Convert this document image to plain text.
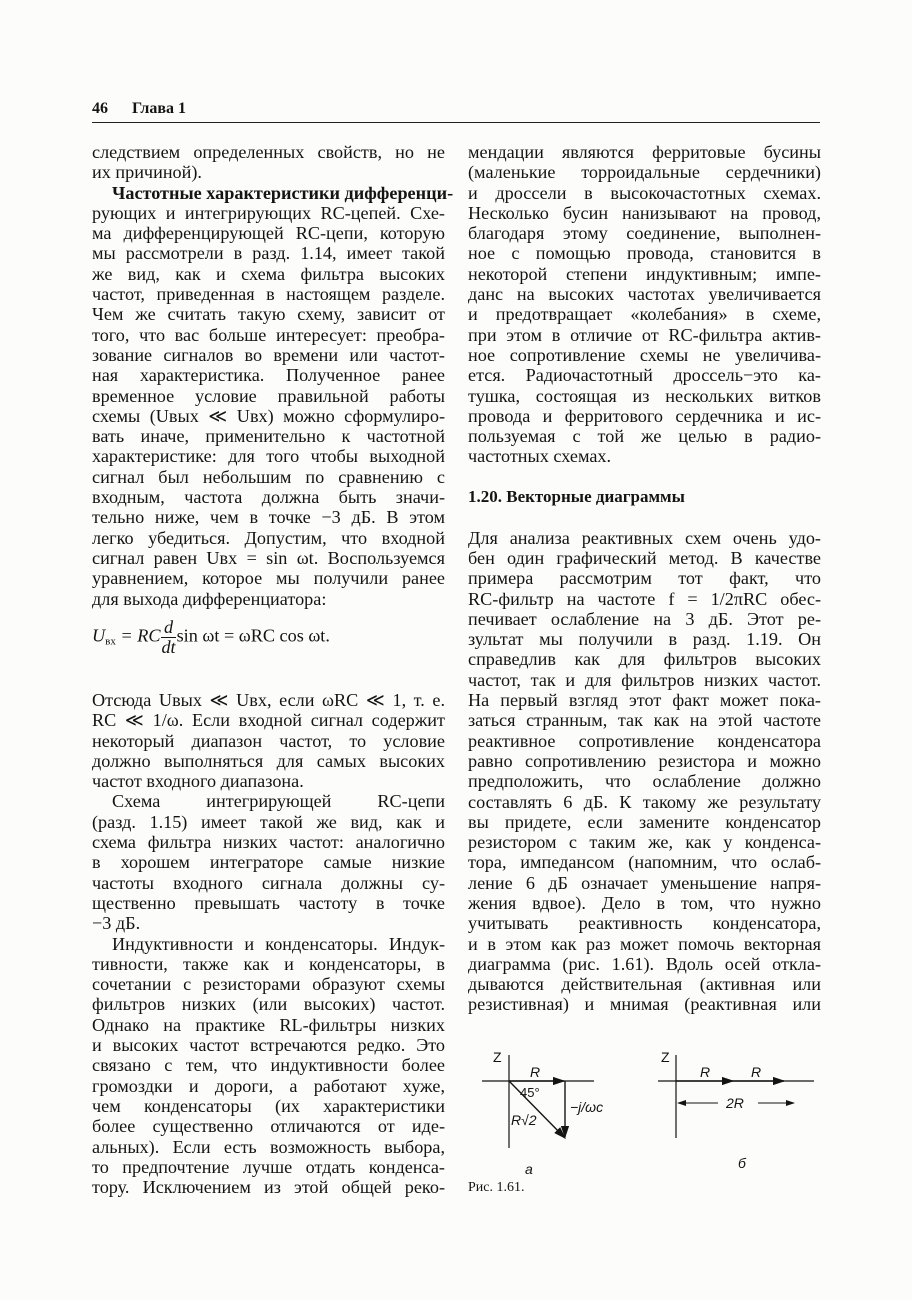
46 Глава 1
следствием определенных свойств, но не
их причиной).
Частотные характеристики дифференци-
рующих и интегрирующих RC-цепей. Схе-
ма дифференцирующей RC-цепи, которую
мы рассмотрели в разд. 1.14, имеет такой
же вид, как и схема фильтра высоких
частот, приведенная в настоящем разделе.
Чем же считать такую схему, зависит от
того, что вас больше интересует: преобра-
зование сигналов во времени или частот-
ная характеристика. Полученное ранее
временное условие правильной работы
схемы (Uвых ≪ Uвх) можно сформулиро-
вать иначе, применительно к частотной
характеристике: для того чтобы выходной
сигнал был небольшим по сравнению с
входным, частота должна быть значи-
тельно ниже, чем в точке −3 дБ. В этом
легко убедиться. Допустим, что входной
сигнал равен Uвх = sin ωt. Воспользуемся
уравнением, которое мы получили ранее
для выхода дифференциатора:
$U_{вх}$ = RC $\frac{d}{dt}$ sin ωt = ωRC cos ωt.
Отсюда Uвых ≪ Uвх, если ωRC ≪ 1, т. е.
RC ≪ 1/ω. Если входной сигнал содержит
некоторый диапазон частот, то условие
должно выполняться для самых высоких
частот входного диапазона.
Схема интегрирующей RC-цепи
(разд. 1.15) имеет такой же вид, как и
схема фильтра низких частот: аналогично
в хорошем интеграторе самые низкие
частоты входного сигнала должны су-
щественно превышать частоту в точке
−3 дБ.
Индуктивности и конденсаторы. Индук-
тивности, также как и конденсаторы, в
сочетании с резисторами образуют схемы
фильтров низких (или высоких) частот.
Однако на практике RL-фильтры низких
и высоких частот встречаются редко. Это
связано с тем, что индуктивности более
громоздки и дороги, а работают хуже,
чем конденсаторы (их характеристики
более существенно отличаются от иде-
альных). Если есть возможность выбора,
то предпочтение лучше отдать конденса-
тору. Исключением из этой общей реко-
мендации являются ферритовые бусины
(маленькие торроидальные сердечники)
и дроссели в высокочастотных схемах.
Несколько бусин нанизывают на провод,
благодаря этому соединение, выполнен-
ное с помощью провода, становится в
некоторой степени индуктивным; импе-
данс на высоких частотах увеличивается
и предотвращает «колебания» в схеме,
при этом в отличие от RC-фильтра актив-
ное сопротивление схемы не увеличива-
ется. Радиочастотный дроссель−это ка-
тушка, состоящая из нескольких витков
провода и ферритового сердечника и ис-
пользуемая с той же целью в радио-
частотных схемах.
1.20. Векторные диаграммы
Для анализа реактивных схем очень удо-
бен один графический метод. В качестве
примера рассмотрим тот факт, что
RC-фильтр на частоте f = 1/2πRC обес-
печивает ослабление на 3 дБ. Этот ре-
зультат мы получили в разд. 1.19. Он
справедлив как для фильтров высоких
частот, так и для фильтров низких частот.
На первый взгляд этот факт может пока-
заться странным, так как на этой частоте
реактивное сопротивление конденсатора
равно сопротивлению резистора и можно
предположить, что ослабление должно
составлять 6 дБ. К такому же результату
вы придете, если замените конденсатор
резистором с таким же, как у конденса-
тора, импедансом (напомним, что ослаб-
ление 6 дБ означает уменьшение напря-
жения вдвое). Дело в том, что нужно
учитывать реактивность конденсатора,
и в этом как раз может помочь векторная
диаграмма (рис. 1.61). Вдоль осей откла-
дываются действительная (активная или
резистивная) и мнимая (реактивная или
Z
R
45°
−j/ωc
R√2
a
Z
R	R
2R
б
Рис. 1.61.
